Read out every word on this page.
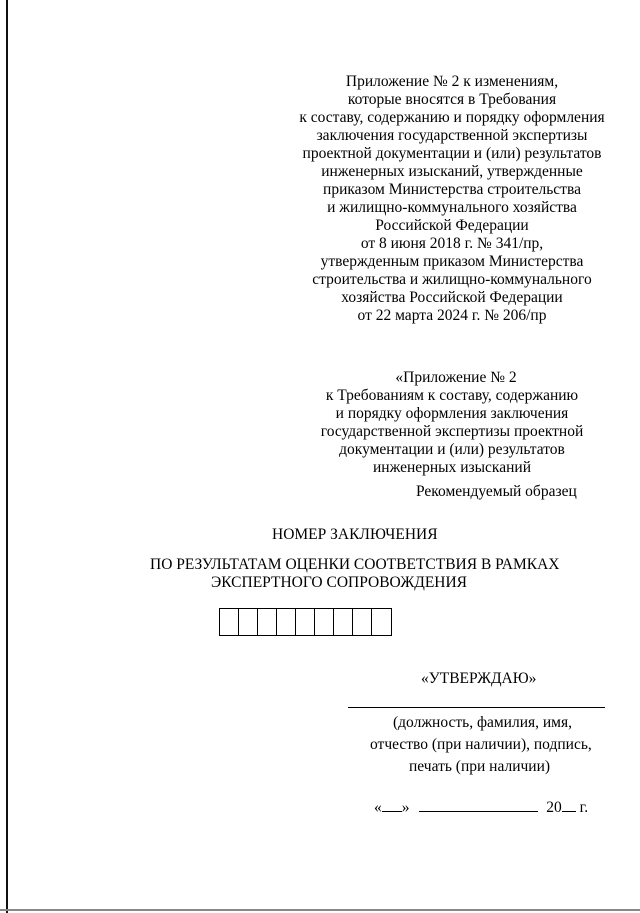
Приложение № 2 к изменениям,
которые вносятся в Требования
к составу, содержанию и порядку оформления
заключения государственной экспертизы
проектной документации и (или) результатов
инженерных изысканий, утвержденные
приказом Министерства строительства
и жилищно-коммунального хозяйства
Российской Федерации
от 8 июня 2018 г. № 341/пр,
утвержденным приказом Министерства
строительства и жилищно-коммунального
хозяйства Российской Федерации
от 22 марта 2024 г. № 206/пр
«Приложение № 2
к Требованиям к составу, содержанию
и порядку оформления заключения
государственной экспертизы проектной
документации и (или) результатов
инженерных изысканий
Рекомендуемый образец
НОМЕР ЗАКЛЮЧЕНИЯ
ПО РЕЗУЛЬТАТАМ ОЦЕНКИ СООТВЕТСТВИЯ В РАМКАХ
ЭКСПЕРТНОГО СОПРОВОЖДЕНИЯ
«УТВЕРЖДАЮ»
(должность, фамилия, имя,
отчество (при наличии), подпись,
печать (при наличии)
« »	20 г.
